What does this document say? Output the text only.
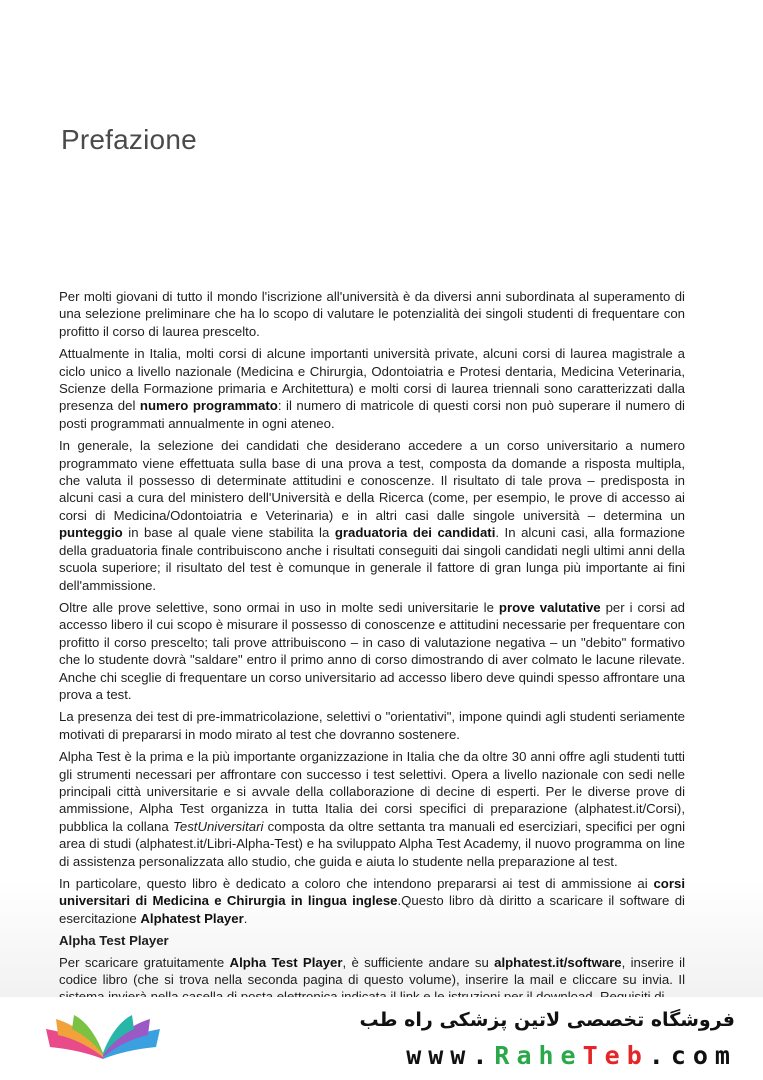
Prefazione

Per molti giovani di tutto il mondo l'iscrizione all'università è da diversi anni subordinata al superamento di una selezione preliminare che ha lo scopo di valutare le potenzialità dei singoli studenti di frequentare con profitto il corso di laurea prescelto.

Attualmente in Italia, molti corsi di alcune importanti università private, alcuni corsi di laurea magistrale a ciclo unico a livello nazionale (Medicina e Chirurgia, Odontoiatria e Protesi dentaria, Medicina Veterinaria, Scienze della Formazione primaria e Architettura) e molti corsi di laurea triennali sono caratterizzati dalla presenza del numero programmato: il numero di matricole di questi corsi non può superare il numero di posti programmati annualmente in ogni ateneo.

In generale, la selezione dei candidati che desiderano accedere a un corso universitario a numero programmato viene effettuata sulla base di una prova a test, composta da domande a risposta multipla, che valuta il possesso di determinate attitudini e conoscenze. Il risultato di tale prova – predisposta in alcuni casi a cura del ministero dell'Università e della Ricerca (come, per esempio, le prove di accesso ai corsi di Medicina/Odontoiatria e Veterinaria) e in altri casi dalle singole università – determina un punteggio in base al quale viene stabilita la graduatoria dei candidati. In alcuni casi, alla formazione della graduatoria finale contribuiscono anche i risultati conseguiti dai singoli candidati negli ultimi anni della scuola superiore; il risultato del test è comunque in generale il fattore di gran lunga più importante ai fini dell'ammissione.

Oltre alle prove selettive, sono ormai in uso in molte sedi universitarie le prove valutative per i corsi ad accesso libero il cui scopo è misurare il possesso di conoscenze e attitudini necessarie per frequentare con profitto il corso prescelto; tali prove attribuiscono – in caso di valutazione negativa – un "debito" formativo che lo studente dovrà "saldare" entro il primo anno di corso dimostrando di aver colmato le lacune rilevate. Anche chi sceglie di frequentare un corso universitario ad accesso libero deve quindi spesso affrontare una prova a test.

La presenza dei test di pre-immatricolazione, selettivi o "orientativi", impone quindi agli studenti seriamente motivati di prepararsi in modo mirato al test che dovranno sostenere.

Alpha Test è la prima e la più importante organizzazione in Italia che da oltre 30 anni offre agli studenti tutti gli strumenti necessari per affrontare con successo i test selettivi. Opera a livello nazionale con sedi nelle principali città universitarie e si avvale della collaborazione di decine di esperti. Per le diverse prove di ammissione, Alpha Test organizza in tutta Italia dei corsi specifici di preparazione (alphatest.it/Corsi), pubblica la collana TestUniversitari composta da oltre settanta tra manuali ed eserciziari, specifici per ogni area di studi (alphatest.it/Libri-Alpha-Test) e ha sviluppato Alpha Test Academy, il nuovo programma on line di assistenza personalizzata allo studio, che guida e aiuta lo studente nella preparazione al test.

In particolare, questo libro è dedicato a coloro che intendono prepararsi ai test di ammissione ai corsi universitari di Medicina e Chirurgia in lingua inglese.Questo libro dà diritto a scaricare il software di esercitazione Alphatest Player.

Alpha Test Player

Per scaricare gratuitamente Alpha Test Player, è sufficiente andare su alphatest.it/software, inserire il codice libro (che si trova nella seconda pagina di questo volume), inserire la mail e cliccare su invia. Il

فروشگاه تخصصی لاتین پزشکی راه طب
www.RaheTeb.com
